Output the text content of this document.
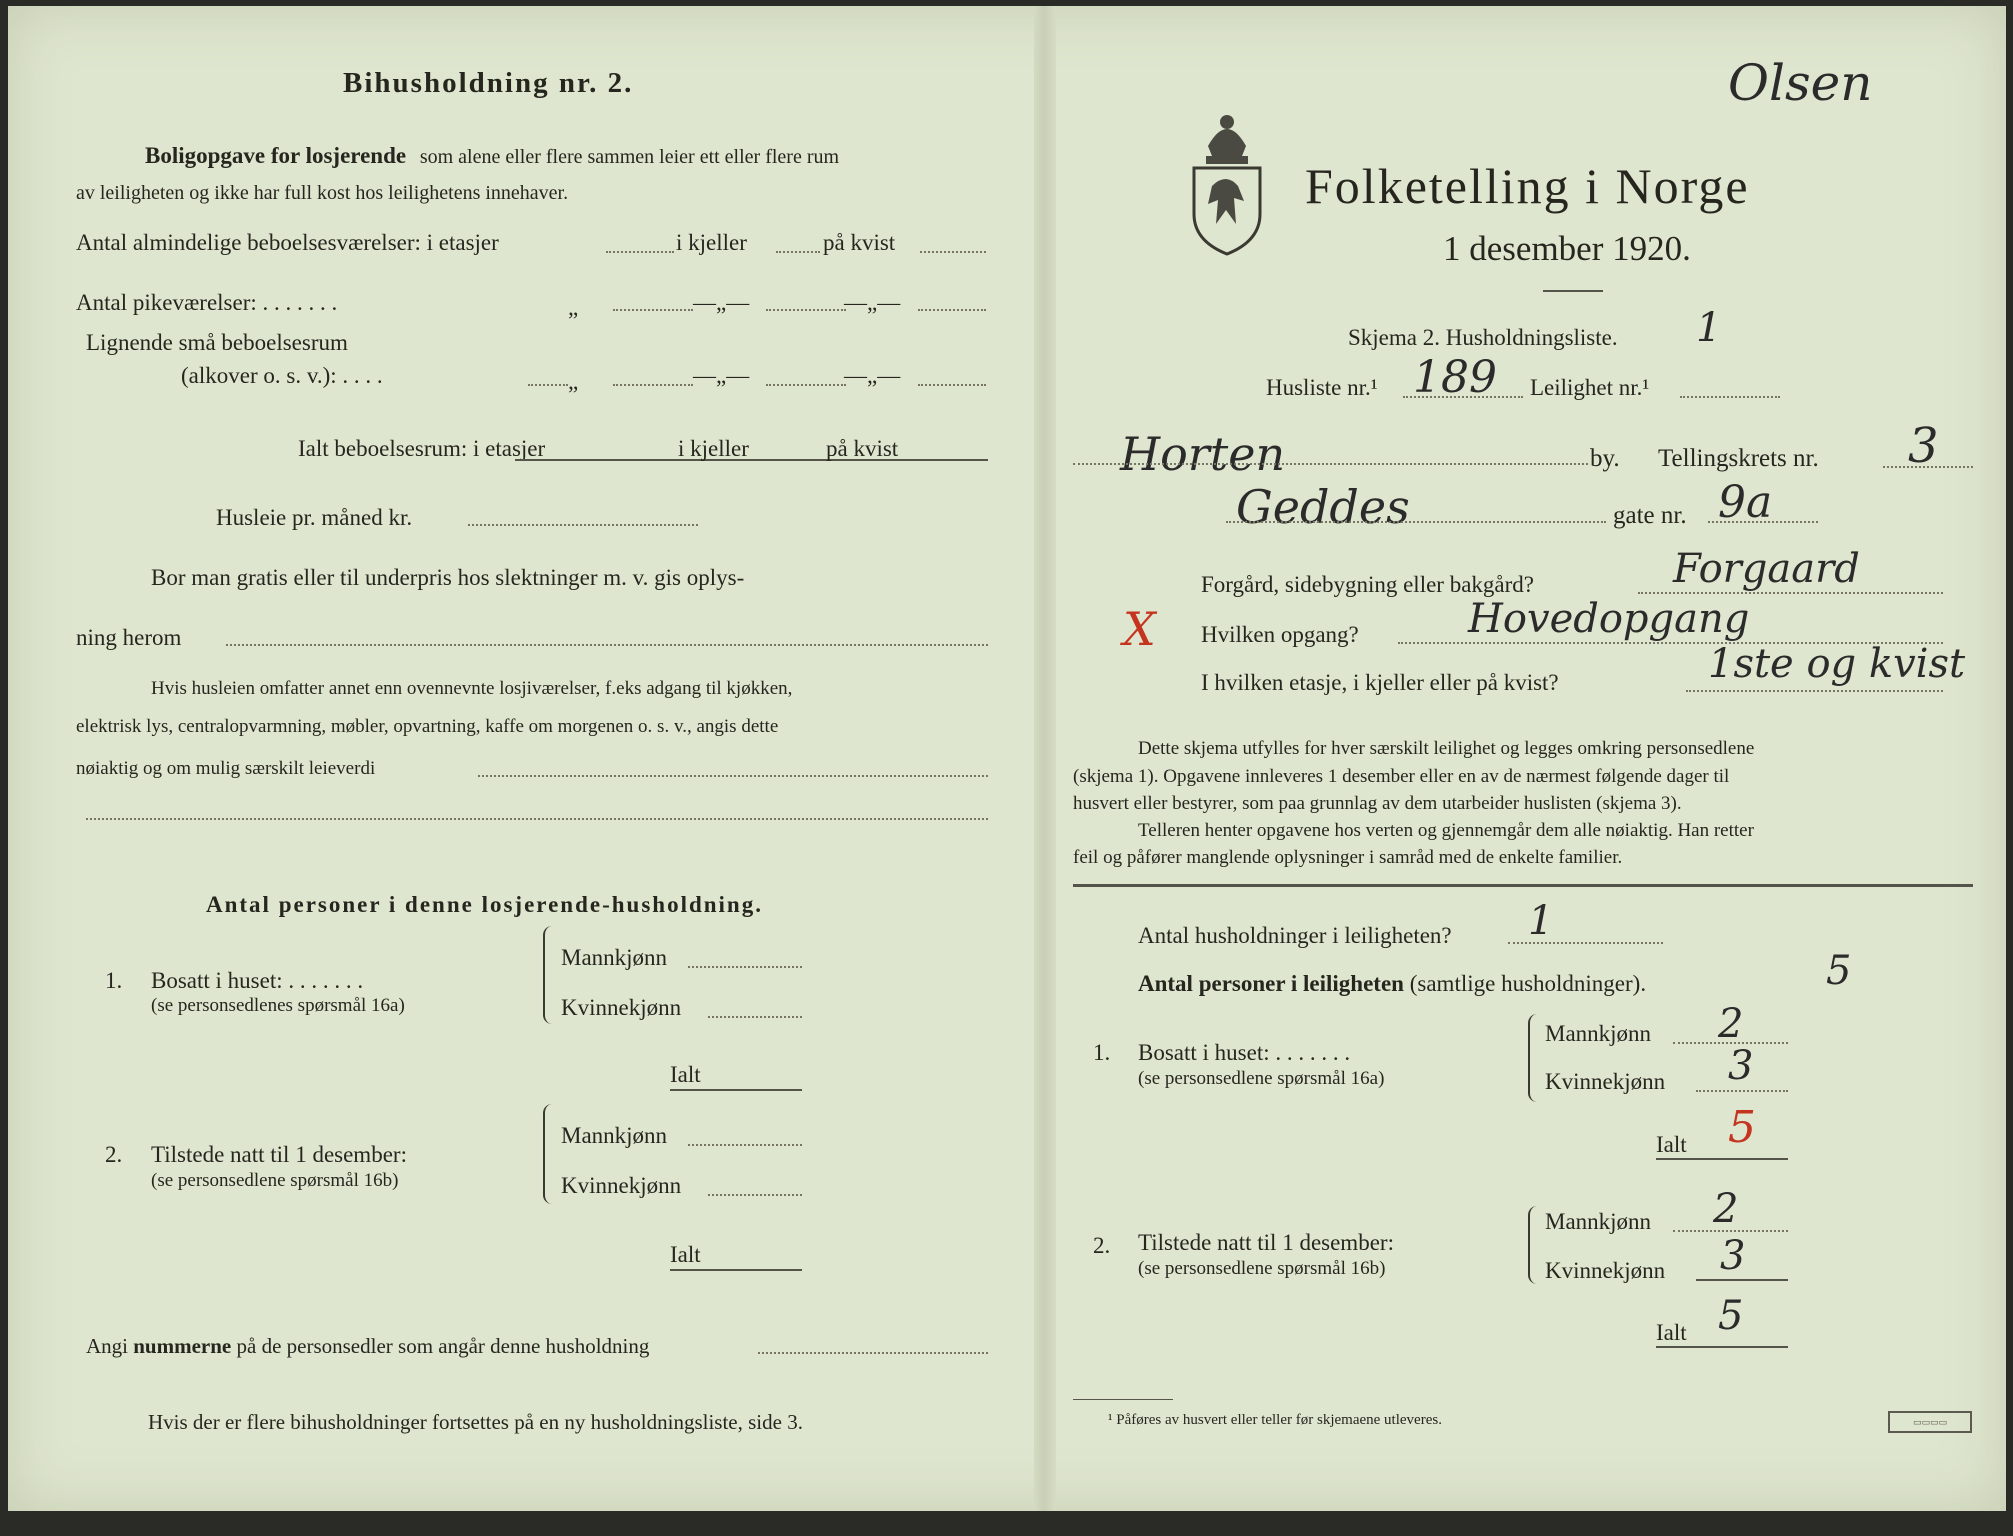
Bihusholdning nr. 2.
Boligopgave for losjerende som alene eller flere sammen leier ett eller flere rum
av leiligheten og ikke har full kost hos leilighetens innehaver.
Antal almindelige beboelsesværelser: i etasjer	i kjeller	på kvist
Antal pikeværelser: . . . . . . .	„	—„—	—„—
Lignende små beboelsesrum
(alkover o. s. v.): . . . .	„	—„—	—„—
Ialt beboelsesrum: i etasjer	i kjeller	på kvist
Husleie pr. måned kr.
Bor man gratis eller til underpris hos slektninger m. v. gis oplys-
ning herom
Hvis husleien omfatter annet enn ovennevnte losjiværelser, f.eks adgang til kjøkken,
elektrisk lys, centralopvarmning, møbler, opvartning, kaffe om morgenen o. s. v., angis dette
nøiaktig og om mulig særskilt leieverdi
Antal personer i denne losjerende-husholdning.
1. Bosatt i huset: . . . . . . .
(se personsedlenes spørsmål 16a)
Mannkjønn
Kvinnekjønn
Ialt
2. Tilstede natt til 1 desember:
(se personsedlene spørsmål 16b)
Mannkjønn
Kvinnekjønn
Ialt
Angi nummerne på de personsedler som angår denne husholdning
Hvis der er flere bihusholdninger fortsettes på en ny husholdningsliste, side 3.
Olsen
Folketelling i Norge
1 desember 1920.
Skjema 2. Husholdningsliste. 1
Husliste nr.¹ 189 Leilighet nr.¹
Horten	by. Tellingskrets nr. 3
Geddes	gate nr. 9a
Forgård, sidebygning eller bakgård?	Forgaard
X Hvilken opgang?	Hovedopgang
I hvilken etasje, i kjeller eller på kvist?	1ste og kvist
Dette skjema utfylles for hver særskilt leilighet og legges omkring personsedlene
(skjema 1). Opgavene innleveres 1 desember eller en av de nærmest følgende dager til
husvert eller bestyrer, som paa grunnlag av dem utarbeider huslisten (skjema 3).
Telleren henter opgavene hos verten og gjennemgår dem alle nøiaktig. Han retter
feil og påfører manglende oplysninger i samråd med de enkelte familier.
Antal husholdninger i leiligheten? 1
Antal personer i leiligheten (samtlige husholdninger).	5
1. Bosatt i huset: . . . . . . .
(se personsedlene spørsmål 16a)
Mannkjønn 2
Kvinnekjønn 3
Ialt 5
2. Tilstede natt til 1 desember:
(se personsedlene spørsmål 16b)
Mannkjønn 2
Kvinnekjønn 3
Ialt 5
¹ Påføres av husvert eller teller før skjemaene utleveres.	▭▭▭▭
